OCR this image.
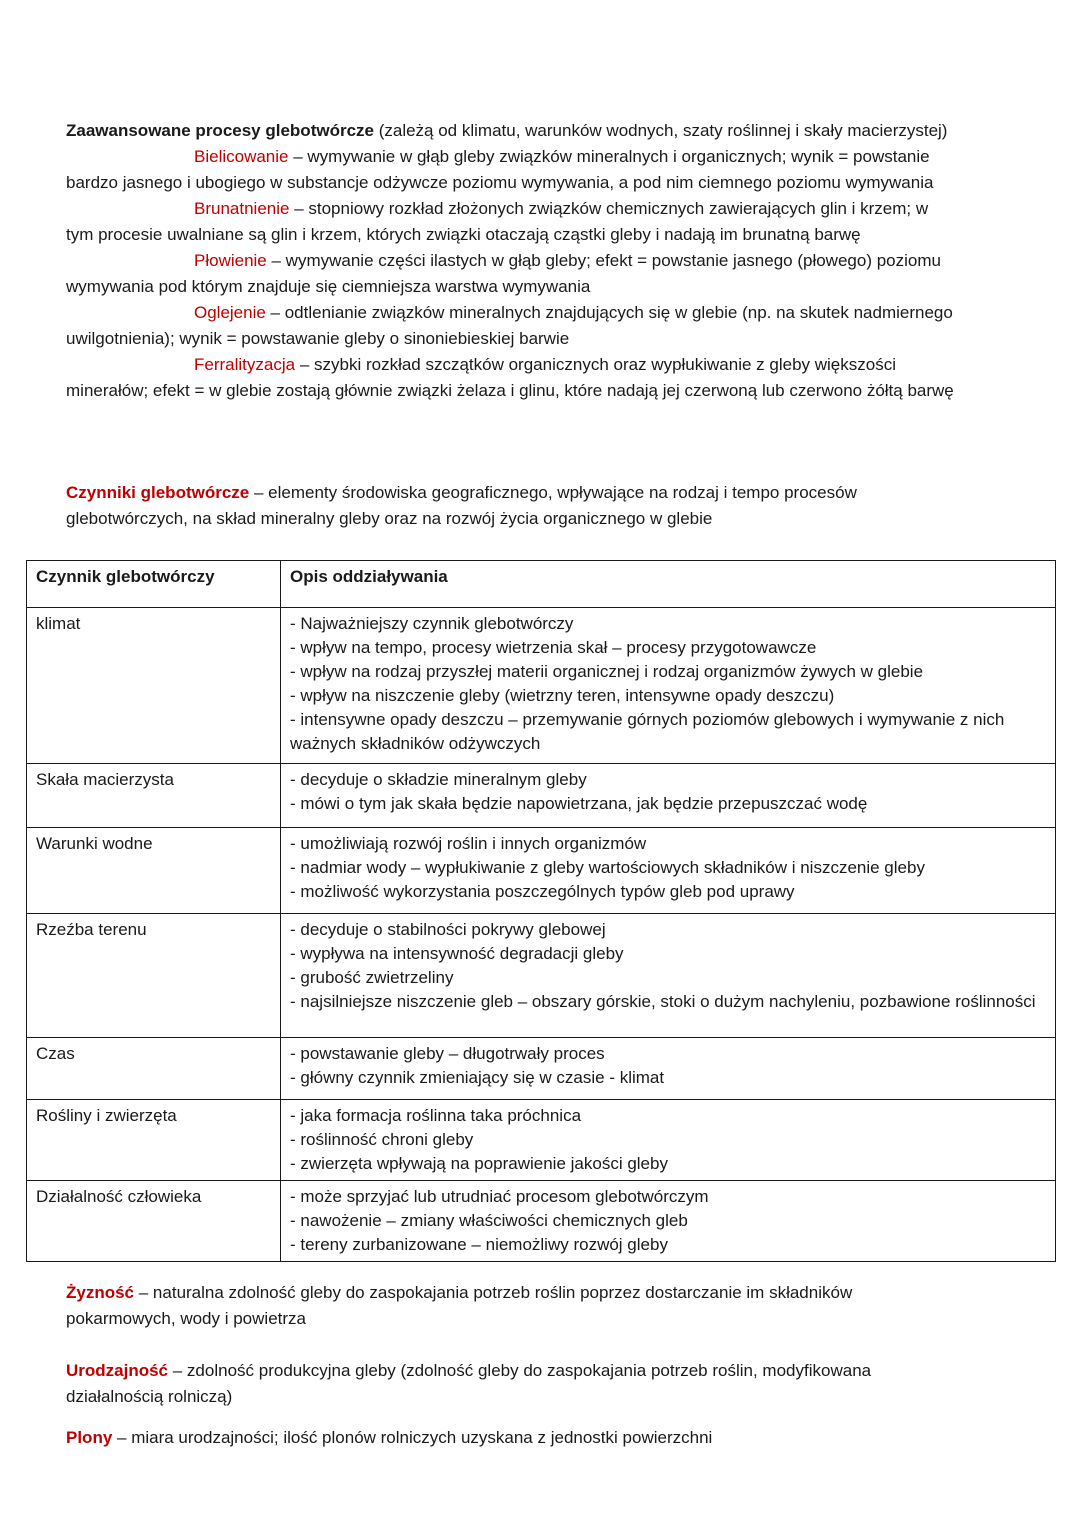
Zaawansowane procesy glebotwórcze (zależą od klimatu, warunków wodnych, szaty roślinnej i skały macierzystej)
Bielicowanie – wymywanie w głąb gleby związków mineralnych i organicznych; wynik = powstanie
bardzo jasnego i ubogiego w substancje odżywcze poziomu wymywania, a pod nim ciemnego poziomu wymywania
Brunatnienie – stopniowy rozkład złożonych związków chemicznych zawierających glin i krzem; w
tym procesie uwalniane są glin i krzem, których związki otaczają cząstki gleby i nadają im brunatną barwę
Płowienie – wymywanie części ilastych w głąb gleby; efekt = powstanie jasnego (płowego) poziomu
wymywania pod którym znajduje się ciemniejsza warstwa wymywania
Oglejenie – odtlenianie związków mineralnych znajdujących się w glebie (np. na skutek nadmiernego
uwilgotnienia); wynik = powstawanie gleby o sinoniebieskiej barwie
Ferralityzacja – szybki rozkład szczątków organicznych oraz wypłukiwanie z gleby większości
minerałów; efekt = w glebie zostają głównie związki żelaza i glinu, które nadają jej czerwoną lub czerwono żółtą barwę
Czynniki glebotwórcze – elementy środowiska geograficznego, wpływające na rodzaj i tempo procesów glebotwórczych, na skład mineralny gleby oraz na rozwój życia organicznego w glebie
Czynnik glebotwórczy	Opis oddziaływania
klimat	- Najważniejszy czynnik glebotwórczy
- wpływ na tempo, procesy wietrzenia skał – procesy przygotowawcze
- wpływ na rodzaj przyszłej materii organicznej i rodzaj organizmów żywych w glebie
- wpływ na niszczenie gleby (wietrzny teren, intensywne opady deszczu)
- intensywne opady deszczu – przemywanie górnych poziomów glebowych i wymywanie z nich ważnych składników odżywczych

Skała macierzysta	- decyduje o składzie mineralnym gleby
- mówi o tym jak skała będzie napowietrzana, jak będzie przepuszczać wodę

Warunki wodne	- umożliwiają rozwój roślin i innych organizmów
- nadmiar wody – wypłukiwanie z gleby wartościowych składników i niszczenie gleby
- możliwość wykorzystania poszczególnych typów gleb pod uprawy

Rzeźba terenu	- decyduje o stabilności pokrywy glebowej
- wypływa na intensywność degradacji gleby
- grubość zwietrzeliny
- najsilniejsze niszczenie gleb – obszary górskie, stoki o dużym nachyleniu, pozbawione roślinności

Czas	- powstawanie gleby – długotrwały proces
- główny czynnik zmieniający się w czasie - klimat

Rośliny i zwierzęta	- jaka formacja roślinna taka próchnica
- roślinność chroni gleby
- zwierzęta wpływają na poprawienie jakości gleby

Działalność człowieka	- może sprzyjać lub utrudniać procesom glebotwórczym
- nawożenie – zmiany właściwości chemicznych gleb
- tereny zurbanizowane – niemożliwy rozwój gleby
Żyzność – naturalna zdolność gleby do zaspokajania potrzeb roślin poprzez dostarczanie im składników pokarmowych, wody i powietrza
Urodzajność – zdolność produkcyjna gleby (zdolność gleby do zaspokajania potrzeb roślin, modyfikowana działalnością rolniczą)
Plony – miara urodzajności; ilość plonów rolniczych uzyskana z jednostki powierzchni
